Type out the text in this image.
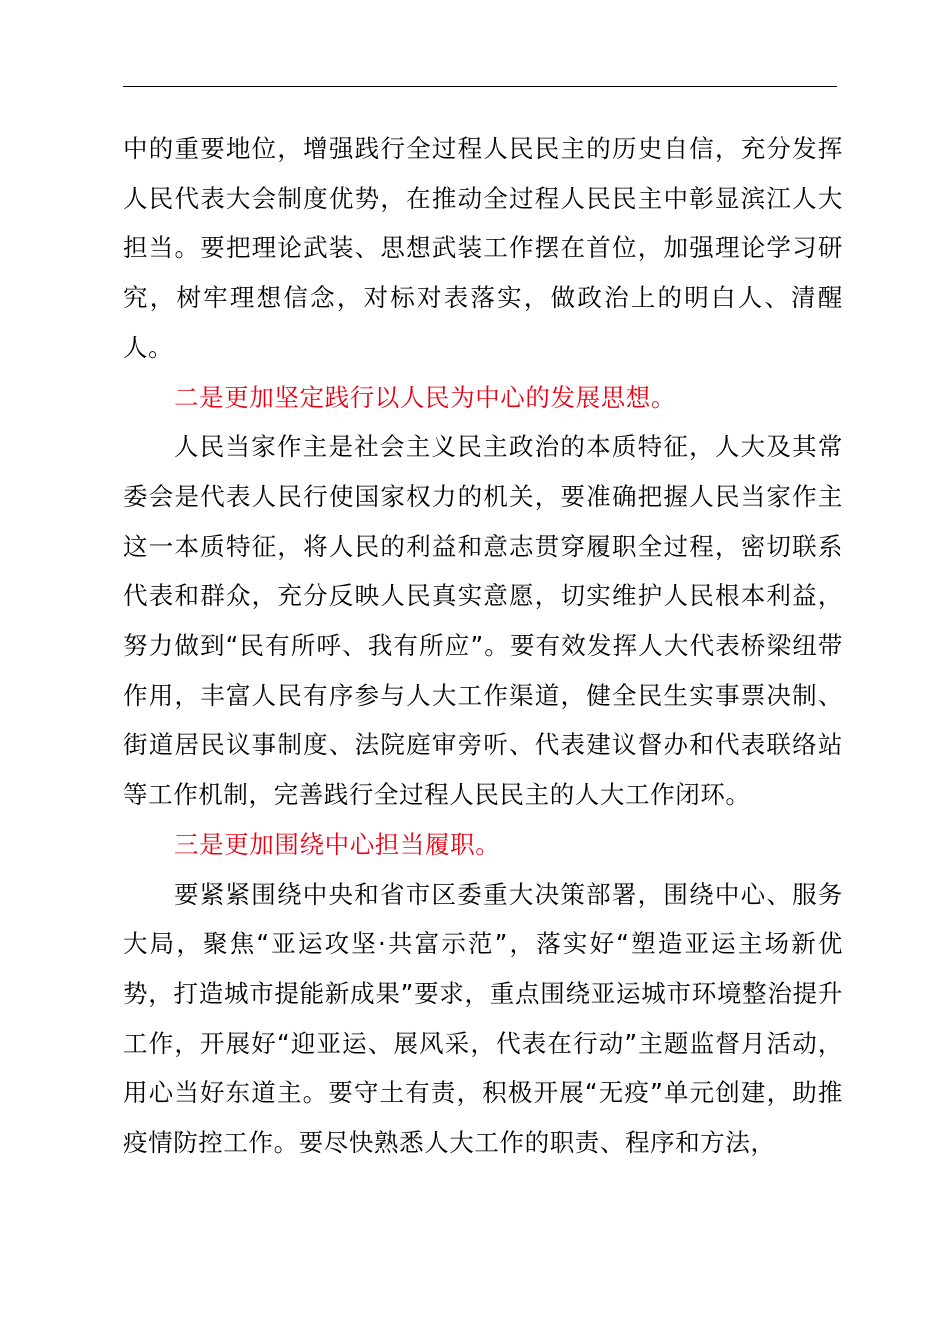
中的重要地位，增强践行全过程人民民主的历史自信，充分发挥人民代表大会制度优势，在推动全过程人民民主中彰显滨江人大担当。要把理论武装、思想武装工作摆在首位，加强理论学习研究，树牢理想信念，对标对表落实，做政治上的明白人、清醒人。

二是更加坚定践行以人民为中心的发展思想。

人民当家作主是社会主义民主政治的本质特征，人大及其常委会是代表人民行使国家权力的机关，要准确把握人民当家作主这一本质特征，将人民的利益和意志贯穿履职全过程，密切联系代表和群众，充分反映人民真实意愿，切实维护人民根本利益，努力做到“民有所呼、我有所应”。要有效发挥人大代表桥梁纽带作用，丰富人民有序参与人大工作渠道，健全民生实事票决制、街道居民议事制度、法院庭审旁听、代表建议督办和代表联络站等工作机制，完善践行全过程人民民主的人大工作闭环。

三是更加围绕中心担当履职。

要紧紧围绕中央和省市区委重大决策部署，围绕中心、服务大局，聚焦“亚运攻坚·共富示范”，落实好“塑造亚运主场新优势，打造城市提能新成果”要求，重点围绕亚运城市环境整治提升工作，开展好“迎亚运、展风采，代表在行动”主题监督月活动，用心当好东道主。要守土有责，积极开展“无疫”单元创建，助推疫情防控工作。要尽快熟悉人大工作的职责、程序和方法，
